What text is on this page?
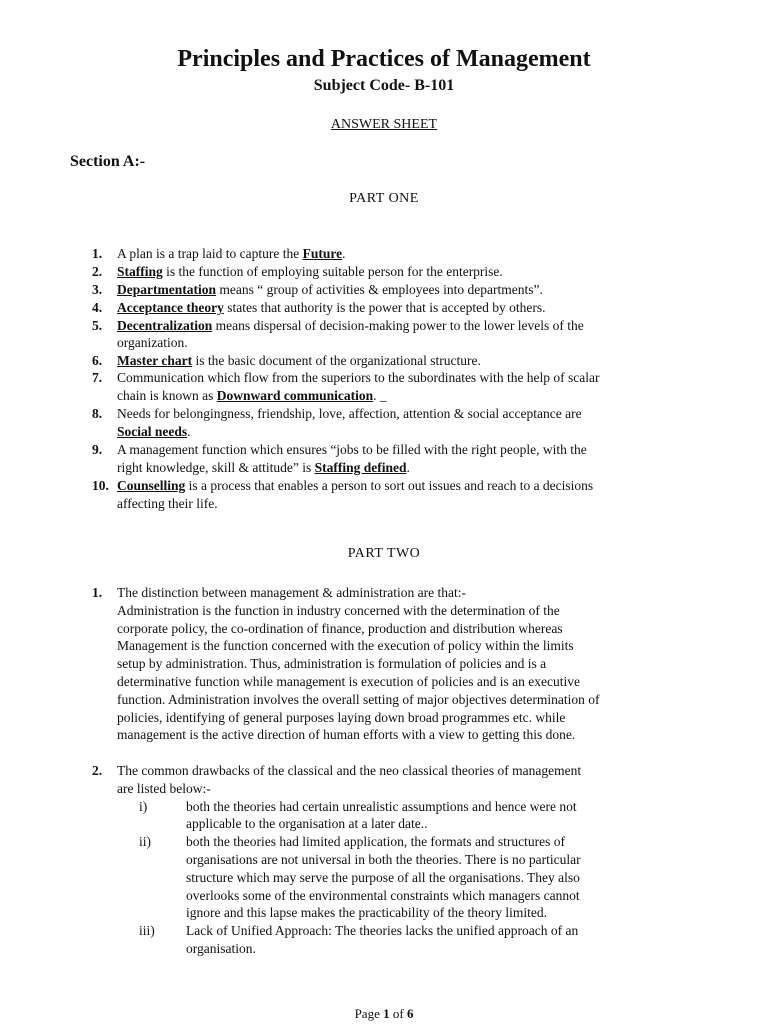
Principles and Practices of Management
Subject Code- B-101
ANSWER SHEET
Section A:-
PART ONE
1. A plan is a trap laid to capture the Future.
2. Staffing is the function of employing suitable person for the enterprise.
3. Departmentation means “ group of activities & employees into departments”.
4. Acceptance theory states that authority is the power that is accepted by others.
5. Decentralization means dispersal of decision-making power to the lower levels of the
organization.
6. Master chart is the basic document of the organizational structure.
7. Communication which flow from the superiors to the subordinates with the help of scalar
chain is known as Downward communication. _
8. Needs for belongingness, friendship, love, affection, attention & social acceptance are
Social needs.
9. A management function which ensures “jobs to be filled with the right people, with the
right knowledge, skill & attitude” is Staffing defined.
10. Counselling is a process that enables a person to sort out issues and reach to a decisions
affecting their life.
PART TWO
1. The distinction between management & administration are that:-
Administration is the function in industry concerned with the determination of the
corporate policy, the co-ordination of finance, production and distribution whereas
Management is the function concerned with the execution of policy within the limits
setup by administration. Thus, administration is formulation of policies and is a
determinative function while management is execution of policies and is an executive
function. Administration involves the overall setting of major objectives determination of
policies, identifying of general purposes laying down broad programmes etc. while
management is the active direction of human efforts with a view to getting this done.
2. The common drawbacks of the classical and the neo classical theories of management
are listed below:-
i)	both the theories had certain unrealistic assumptions and hence were not
applicable to the organisation at a later date..
ii)	both the theories had limited application, the formats and structures of
organisations are not universal in both the theories. There is no particular
structure which may serve the purpose of all the organisations. They also
overlooks some of the environmental constraints which managers cannot
ignore and this lapse makes the practicability of the theory limited.
iii) Lack of Unified Approach: The theories lacks the unified approach of an
organisation.
Page 1 of 6
